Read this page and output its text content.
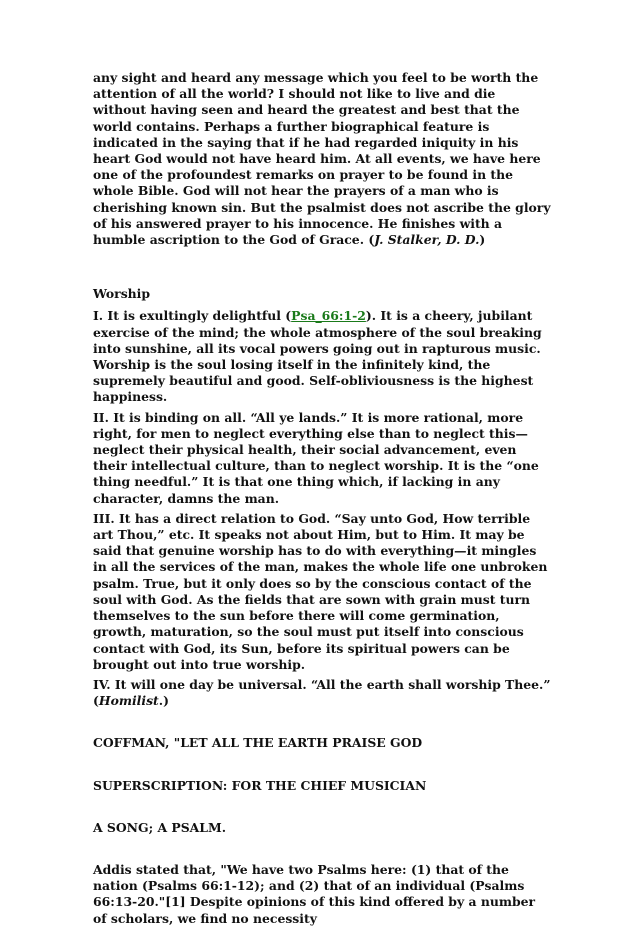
any sight and heard any message which you feel to be worth the attention of all the world? I should not like to live and die without having seen and heard the greatest and best that the world contains. Perhaps a further biographical feature is indicated in the saying that if he had regarded iniquity in his heart God would not have heard him. At all events, we have here one of the profoundest remarks on prayer to be found in the whole Bible. God will not hear the prayers of a man who is cherishing known sin. But the psalmist does not ascribe the glory of his answered prayer to his innocence. He finishes with a humble ascription to the God of Grace. (J. Stalker, D. D.)

Worship

I. It is exultingly delightful (Psa_66:1-2). It is a cheery, jubilant exercise of the mind; the whole atmosphere of the soul breaking into sunshine, all its vocal powers going out in rapturous music. Worship is the soul losing itself in the infinitely kind, the supremely beautiful and good. Self-obliviousness is the highest happiness.

II. It is binding on all. “All ye lands.” It is more rational, more right, for men to neglect everything else than to neglect this—neglect their physical health, their social advancement, even their intellectual culture, than to neglect worship. It is the “one thing needful.” It is that one thing which, if lacking in any character, damns the man.

III. It has a direct relation to God. “Say unto God, How terrible art Thou,” etc. It speaks not about Him, but to Him. It may be said that genuine worship has to do with everything—it mingles in all the services of the man, makes the whole life one unbroken psalm. True, but it only does so by the conscious contact of the soul with God. As the fields that are sown with grain must turn themselves to the sun before there will come germination, growth, maturation, so the soul must put itself into conscious contact with God, its Sun, before its spiritual powers can be brought out into true worship.

IV. It will one day be universal. “All the earth shall worship Thee.” (Homilist.)

COFFMAN, "LET ALL THE EARTH PRAISE GOD

SUPERSCRIPTION: FOR THE CHIEF MUSICIAN

A SONG; A PSALM.

Addis stated that, "We have two Psalms here: (1) that of the nation (Psalms 66:1-12); and (2) that of an individual (Psalms 66:13-20."[1] Despite opinions of this kind offered by a number of scholars, we find no necessity
